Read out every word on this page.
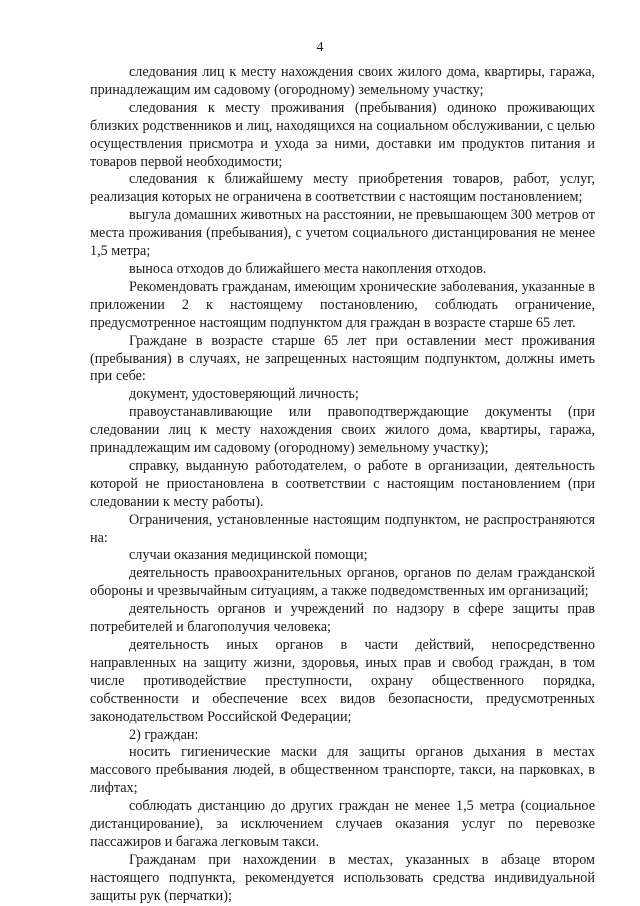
4

следования лиц к месту нахождения своих жилого дома, квартиры, гаража, принадлежащим им садовому (огородному) земельному участку;

следования к месту проживания (пребывания) одиноко проживающих близких родственников и лиц, находящихся на социальном обслуживании, с целью осуществления присмотра и ухода за ними, доставки им продуктов питания и товаров первой необходимости;

следования к ближайшему месту приобретения товаров, работ, услуг, реализация которых не ограничена в соответствии с настоящим постановлением;

выгула домашних животных на расстоянии, не превышающем 300 метров от места проживания (пребывания), с учетом социального дистанцирования не менее 1,5 метра;

выноса отходов до ближайшего места накопления отходов.

Рекомендовать гражданам, имеющим хронические заболевания, указанные в приложении 2 к настоящему постановлению, соблюдать ограничение, предусмотренное настоящим подпунктом для граждан в возрасте старше 65 лет.

Граждане в возрасте старше 65 лет при оставлении мест проживания (пребывания) в случаях, не запрещенных настоящим подпунктом, должны иметь при себе:

документ, удостоверяющий личность;

правоустанавливающие или правоподтверждающие документы (при следовании лиц к месту нахождения своих жилого дома, квартиры, гаража, принадлежащим им садовому (огородному) земельному участку);

справку, выданную работодателем, о работе в организации, деятельность которой не приостановлена в соответствии с настоящим постановлением (при следовании к месту работы).

Ограничения, установленные настоящим подпунктом, не распространяются на:

случаи оказания медицинской помощи;

деятельность правоохранительных органов, органов по делам гражданской обороны и чрезвычайным ситуациям, а также подведомственных им организаций;

деятельность органов и учреждений по надзору в сфере защиты прав потребителей и благополучия человека;

деятельность иных органов в части действий, непосредственно направленных на защиту жизни, здоровья, иных прав и свобод граждан, в том числе противодействие преступности, охрану общественного порядка, собственности и обеспечение всех видов безопасности, предусмотренных законодательством Российской Федерации;

2) граждан:

носить гигиенические маски для защиты органов дыхания в местах массового пребывания людей, в общественном транспорте, такси, на парковках, в лифтах;

соблюдать дистанцию до других граждан не менее 1,5 метра (социальное дистанцирование), за исключением случаев оказания услуг по перевозке пассажиров и багажа легковым такси.

Гражданам при нахождении в местах, указанных в абзаце втором настоящего подпункта, рекомендуется использовать средства индивидуальной защиты рук (перчатки);
